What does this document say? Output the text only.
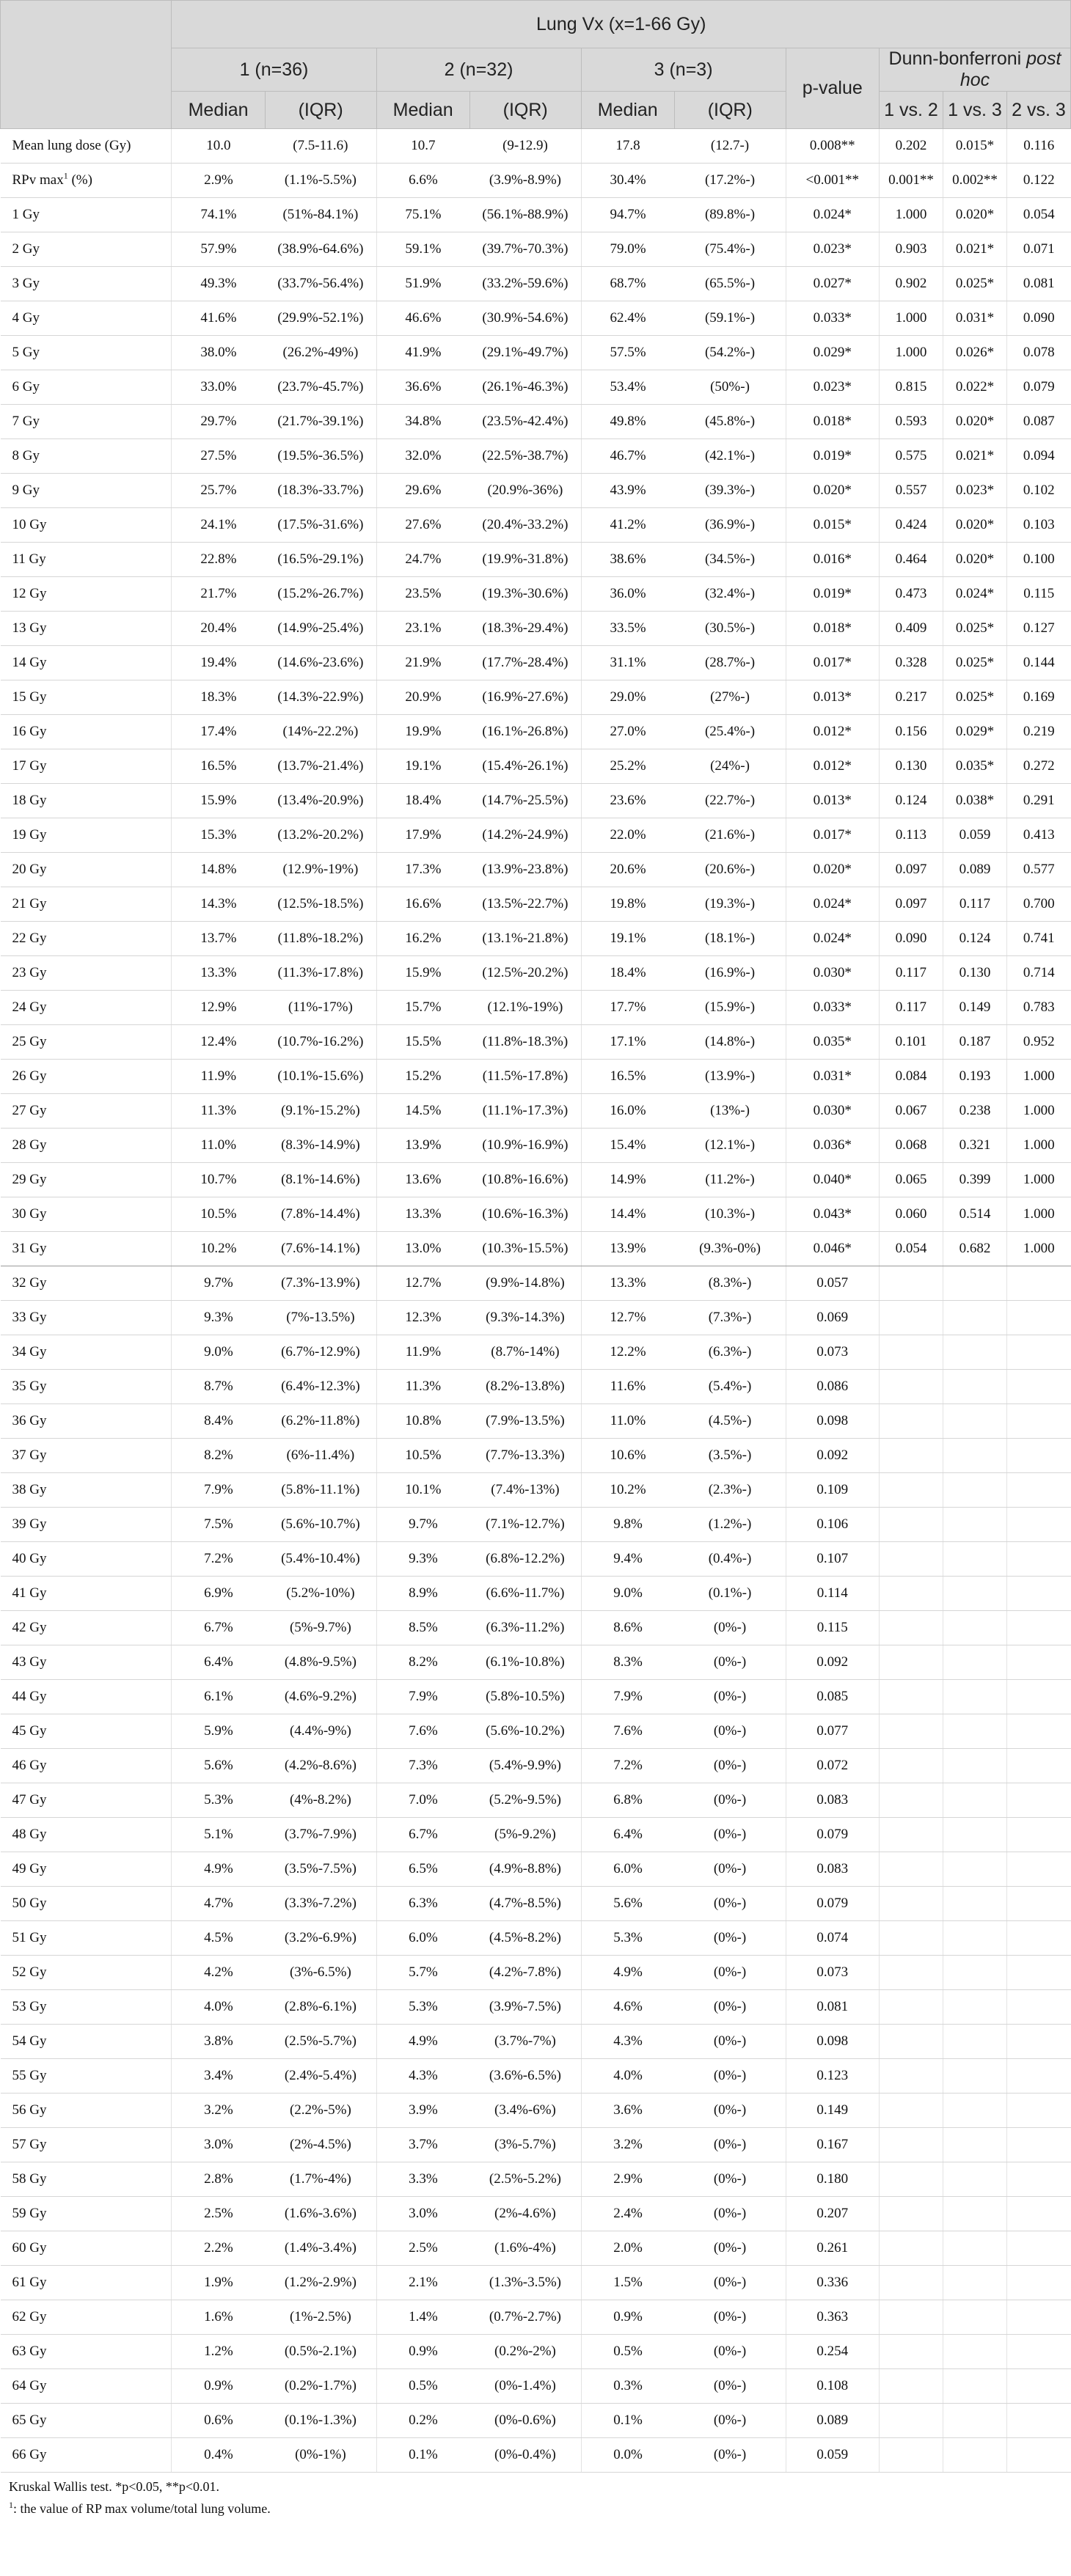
	Lung Vx (x=1-66 Gy)									
	1 (n=36)		2 (n=32)		3 (n=3)		p-value	Dunn-bonferroni post hoc		
	Median	(IQR)	Median	(IQR)	Median	(IQR)		1 vs. 2	1 vs. 3	2 vs. 3
Mean lung dose (Gy)	10.0	(7.5-11.6)	10.7	(9-12.9)	17.8	(12.7-)	0.008**	0.202	0.015*	0.116
RPv $\max^1$ (%)	2.9%	(1.1%-5.5%)	6.6%	(3.9%-8.9%)	30.4%	(17.2%-)	<0.001**	0.001**	0.002**	0.122
1 Gy	74.1%	(51%-84.1%)	75.1%	(56.1%-88.9%)	94.7%	(89.8%-)	0.024*	1.000	0.020*	0.054
2 Gy	57.9%	(38.9%-64.6%)	59.1%	(39.7%-70.3%)	79.0%	(75.4%-)	0.023*	0.903	0.021*	0.071
3 Gy	49.3%	(33.7%-56.4%)	51.9%	(33.2%-59.6%)	68.7%	(65.5%-)	0.027*	0.902	0.025*	0.081
4 Gy	41.6%	(29.9%-52.1%)	46.6%	(30.9%-54.6%)	62.4%	(59.1%-)	0.033*	1.000	0.031*	0.090
5 Gy	38.0%	(26.2%-49%)	41.9%	(29.1%-49.7%)	57.5%	(54.2%-)	0.029*	1.000	0.026*	0.078
6 Gy	33.0%	(23.7%-45.7%)	36.6%	(26.1%-46.3%)	53.4%	(50%-)	0.023*	0.815	0.022*	0.079
7 Gy	29.7%	(21.7%-39.1%)	34.8%	(23.5%-42.4%)	49.8%	(45.8%-)	0.018*	0.593	0.020*	0.087
8 Gy	27.5%	(19.5%-36.5%)	32.0%	(22.5%-38.7%)	46.7%	(42.1%-)	0.019*	0.575	0.021*	0.094
9 Gy	25.7%	(18.3%-33.7%)	29.6%	(20.9%-36%)	43.9%	(39.3%-)	0.020*	0.557	0.023*	0.102
10 Gy	24.1%	(17.5%-31.6%)	27.6%	(20.4%-33.2%)	41.2%	(36.9%-)	0.015*	0.424	0.020*	0.103
11 Gy	22.8%	(16.5%-29.1%)	24.7%	(19.9%-31.8%)	38.6%	(34.5%-)	0.016*	0.464	0.020*	0.100
12 Gy	21.7%	(15.2%-26.7%)	23.5%	(19.3%-30.6%)	36.0%	(32.4%-)	0.019*	0.473	0.024*	0.115
13 Gy	20.4%	(14.9%-25.4%)	23.1%	(18.3%-29.4%)	33.5%	(30.5%-)	0.018*	0.409	0.025*	0.127
14 Gy	19.4%	(14.6%-23.6%)	21.9%	(17.7%-28.4%)	31.1%	(28.7%-)	0.017*	0.328	0.025*	0.144
15 Gy	18.3%	(14.3%-22.9%)	20.9%	(16.9%-27.6%)	29.0%	(27%-)	0.013*	0.217	0.025*	0.169
16 Gy	17.4%	(14%-22.2%)	19.9%	(16.1%-26.8%)	27.0%	(25.4%-)	0.012*	0.156	0.029*	0.219
17 Gy	16.5%	(13.7%-21.4%)	19.1%	(15.4%-26.1%)	25.2%	(24%-)	0.012*	0.130	0.035*	0.272
18 Gy	15.9%	(13.4%-20.9%)	18.4%	(14.7%-25.5%)	23.6%	(22.7%-)	0.013*	0.124	0.038*	0.291
19 Gy	15.3%	(13.2%-20.2%)	17.9%	(14.2%-24.9%)	22.0%	(21.6%-)	0.017*	0.113	0.059	0.413
20 Gy	14.8%	(12.9%-19%)	17.3%	(13.9%-23.8%)	20.6%	(20.6%-)	0.020*	0.097	0.089	0.577
21 Gy	14.3%	(12.5%-18.5%)	16.6%	(13.5%-22.7%)	19.8%	(19.3%-)	0.024*	0.097	0.117	0.700
22 Gy	13.7%	(11.8%-18.2%)	16.2%	(13.1%-21.8%)	19.1%	(18.1%-)	0.024*	0.090	0.124	0.741
23 Gy	13.3%	(11.3%-17.8%)	15.9%	(12.5%-20.2%)	18.4%	(16.9%-)	0.030*	0.117	0.130	0.714
24 Gy	12.9%	(11%-17%)	15.7%	(12.1%-19%)	17.7%	(15.9%-)	0.033*	0.117	0.149	0.783
25 Gy	12.4%	(10.7%-16.2%)	15.5%	(11.8%-18.3%)	17.1%	(14.8%-)	0.035*	0.101	0.187	0.952
26 Gy	11.9%	(10.1%-15.6%)	15.2%	(11.5%-17.8%)	16.5%	(13.9%-)	0.031*	0.084	0.193	1.000
27 Gy	11.3%	(9.1%-15.2%)	14.5%	(11.1%-17.3%)	16.0%	(13%-)	0.030*	0.067	0.238	1.000
28 Gy	11.0%	(8.3%-14.9%)	13.9%	(10.9%-16.9%)	15.4%	(12.1%-)	0.036*	0.068	0.321	1.000
29 Gy	10.7%	(8.1%-14.6%)	13.6%	(10.8%-16.6%)	14.9%	(11.2%-)	0.040*	0.065	0.399	1.000
30 Gy	10.5%	(7.8%-14.4%)	13.3%	(10.6%-16.3%)	14.4%	(10.3%-)	0.043*	0.060	0.514	1.000
31 Gy	10.2%	(7.6%-14.1%)	13.0%	(10.3%-15.5%)	13.9%	(9.3%-0%)	0.046*	0.054	0.682	1.000
32 Gy	9.7%	(7.3%-13.9%)	12.7%	(9.9%-14.8%)	13.3%	(8.3%-)	0.057			
33 Gy	9.3%	(7%-13.5%)	12.3%	(9.3%-14.3%)	12.7%	(7.3%-)	0.069			
34 Gy	9.0%	(6.7%-12.9%)	11.9%	(8.7%-14%)	12.2%	(6.3%-)	0.073			
35 Gy	8.7%	(6.4%-12.3%)	11.3%	(8.2%-13.8%)	11.6%	(5.4%-)	0.086			
36 Gy	8.4%	(6.2%-11.8%)	10.8%	(7.9%-13.5%)	11.0%	(4.5%-)	0.098			
37 Gy	8.2%	(6%-11.4%)	10.5%	(7.7%-13.3%)	10.6%	(3.5%-)	0.092			
38 Gy	7.9%	(5.8%-11.1%)	10.1%	(7.4%-13%)	10.2%	(2.3%-)	0.109			
39 Gy	7.5%	(5.6%-10.7%)	9.7%	(7.1%-12.7%)	9.8%	(1.2%-)	0.106			
40 Gy	7.2%	(5.4%-10.4%)	9.3%	(6.8%-12.2%)	9.4%	(0.4%-)	0.107			
41 Gy	6.9%	(5.2%-10%)	8.9%	(6.6%-11.7%)	9.0%	(0.1%-)	0.114			
42 Gy	6.7%	(5%-9.7%)	8.5%	(6.3%-11.2%)	8.6%	(0%-)	0.115			
43 Gy	6.4%	(4.8%-9.5%)	8.2%	(6.1%-10.8%)	8.3%	(0%-)	0.092			
44 Gy	6.1%	(4.6%-9.2%)	7.9%	(5.8%-10.5%)	7.9%	(0%-)	0.085			
45 Gy	5.9%	(4.4%-9%)	7.6%	(5.6%-10.2%)	7.6%	(0%-)	0.077			
46 Gy	5.6%	(4.2%-8.6%)	7.3%	(5.4%-9.9%)	7.2%	(0%-)	0.072			
47 Gy	5.3%	(4%-8.2%)	7.0%	(5.2%-9.5%)	6.8%	(0%-)	0.083			
48 Gy	5.1%	(3.7%-7.9%)	6.7%	(5%-9.2%)	6.4%	(0%-)	0.079			
49 Gy	4.9%	(3.5%-7.5%)	6.5%	(4.9%-8.8%)	6.0%	(0%-)	0.083			
50 Gy	4.7%	(3.3%-7.2%)	6.3%	(4.7%-8.5%)	5.6%	(0%-)	0.079			
51 Gy	4.5%	(3.2%-6.9%)	6.0%	(4.5%-8.2%)	5.3%	(0%-)	0.074			
52 Gy	4.2%	(3%-6.5%)	5.7%	(4.2%-7.8%)	4.9%	(0%-)	0.073			
53 Gy	4.0%	(2.8%-6.1%)	5.3%	(3.9%-7.5%)	4.6%	(0%-)	0.081			
54 Gy	3.8%	(2.5%-5.7%)	4.9%	(3.7%-7%)	4.3%	(0%-)	0.098			
55 Gy	3.4%	(2.4%-5.4%)	4.3%	(3.6%-6.5%)	4.0%	(0%-)	0.123			
56 Gy	3.2%	(2.2%-5%)	3.9%	(3.4%-6%)	3.6%	(0%-)	0.149			
57 Gy	3.0%	(2%-4.5%)	3.7%	(3%-5.7%)	3.2%	(0%-)	0.167			
58 Gy	2.8%	(1.7%-4%)	3.3%	(2.5%-5.2%)	2.9%	(0%-)	0.180			
59 Gy	2.5%	(1.6%-3.6%)	3.0%	(2%-4.6%)	2.4%	(0%-)	0.207			
60 Gy	2.2%	(1.4%-3.4%)	2.5%	(1.6%-4%)	2.0%	(0%-)	0.261			
61 Gy	1.9%	(1.2%-2.9%)	2.1%	(1.3%-3.5%)	1.5%	(0%-)	0.336			
62 Gy	1.6%	(1%-2.5%)	1.4%	(0.7%-2.7%)	0.9%	(0%-)	0.363			
63 Gy	1.2%	(0.5%-2.1%)	0.9%	(0.2%-2%)	0.5%	(0%-)	0.254			
64 Gy	0.9%	(0.2%-1.7%)	0.5%	(0%-1.4%)	0.3%	(0%-)	0.108			
65 Gy	0.6%	(0.1%-1.3%)	0.2%	(0%-0.6%)	0.1%	(0%-)	0.089			
66 Gy	0.4%	(0%-1%)	0.1%	(0%-0.4%)	0.0%	(0%-)	0.059			
Kruskal Wallis test. *p<0.05, **p<0.01.
$^1$: the value of RP max volume/total lung volume.
